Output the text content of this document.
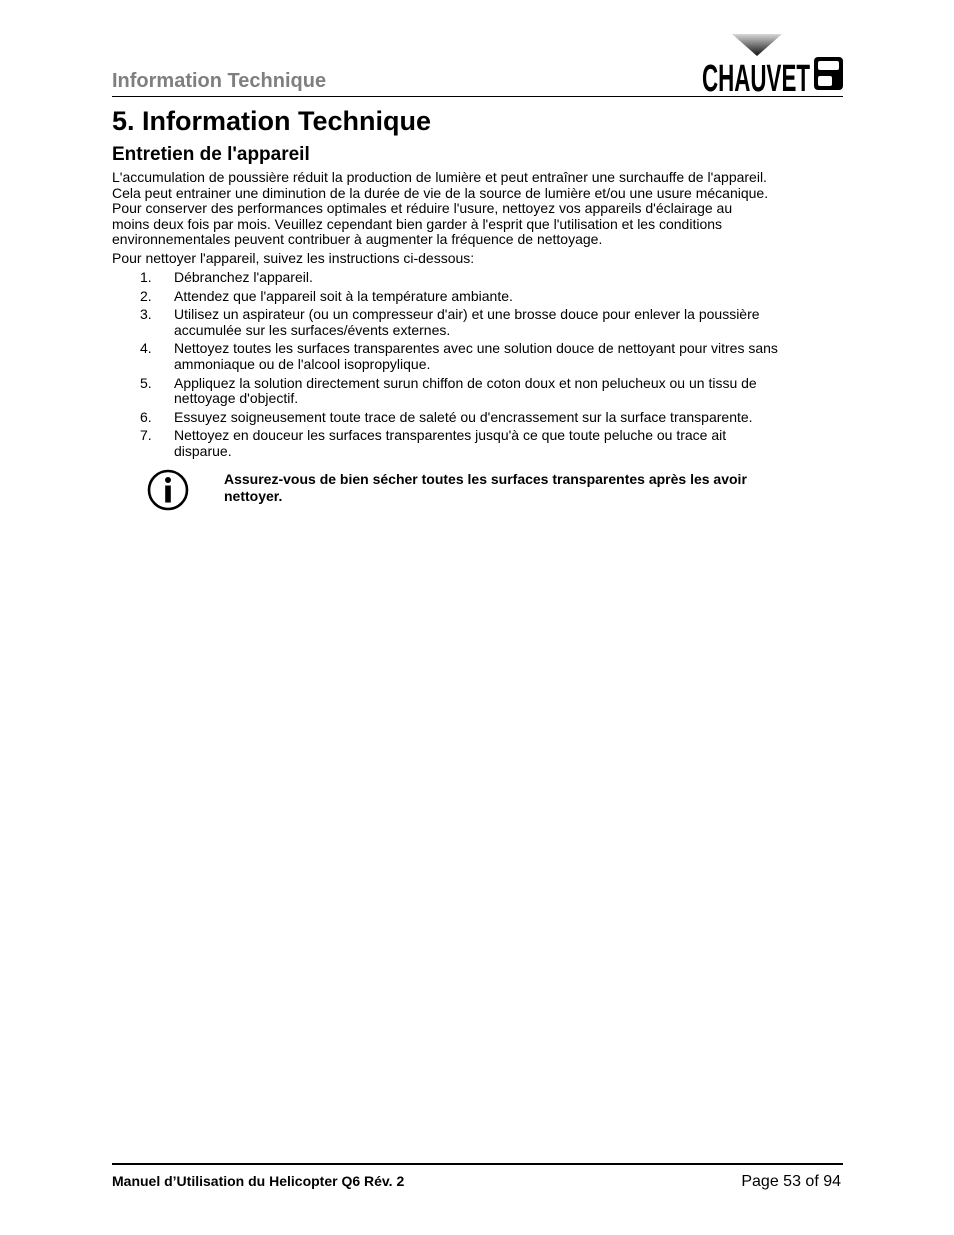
Information Technique	CHAUVET
5. Information Technique
Entretien de l'appareil

L'accumulation de poussière réduit la production de lumière et peut entraîner une surchauffe de l'appareil.
Cela peut entrainer une diminution de la durée de vie de la source de lumière et/ou une usure mécanique.
Pour conserver des performances optimales et réduire l'usure, nettoyez vos appareils d'éclairage au
moins deux fois par mois. Veuillez cependant bien garder à l'esprit que l'utilisation et les conditions
environnementales peuvent contribuer à augmenter la fréquence de nettoyage.

Pour nettoyer l'appareil, suivez les instructions ci-dessous:

1. Débranchez l'appareil.
2. Attendez que l'appareil soit à la température ambiante.
3. Utilisez un aspirateur (ou un compresseur d'air) et une brosse douce pour enlever la poussière
accumulée sur les surfaces/évents externes.
4. Nettoyez toutes les surfaces transparentes avec une solution douce de nettoyant pour vitres sans
ammoniaque ou de l'alcool isopropylique.
5. Appliquez la solution directement surun chiffon de coton doux et non pelucheux ou un tissu de
nettoyage d'objectif.
6. Essuyez soigneusement toute trace de saleté ou d'encrassement sur la surface transparente.
7. Nettoyez en douceur les surfaces transparentes jusqu'à ce que toute peluche ou trace ait
disparue.

Assurez-vous de bien sécher toutes les surfaces transparentes après les avoir
nettoyer.

Manuel d’Utilisation du Helicopter Q6 Rév. 2	Page 53 of 94
